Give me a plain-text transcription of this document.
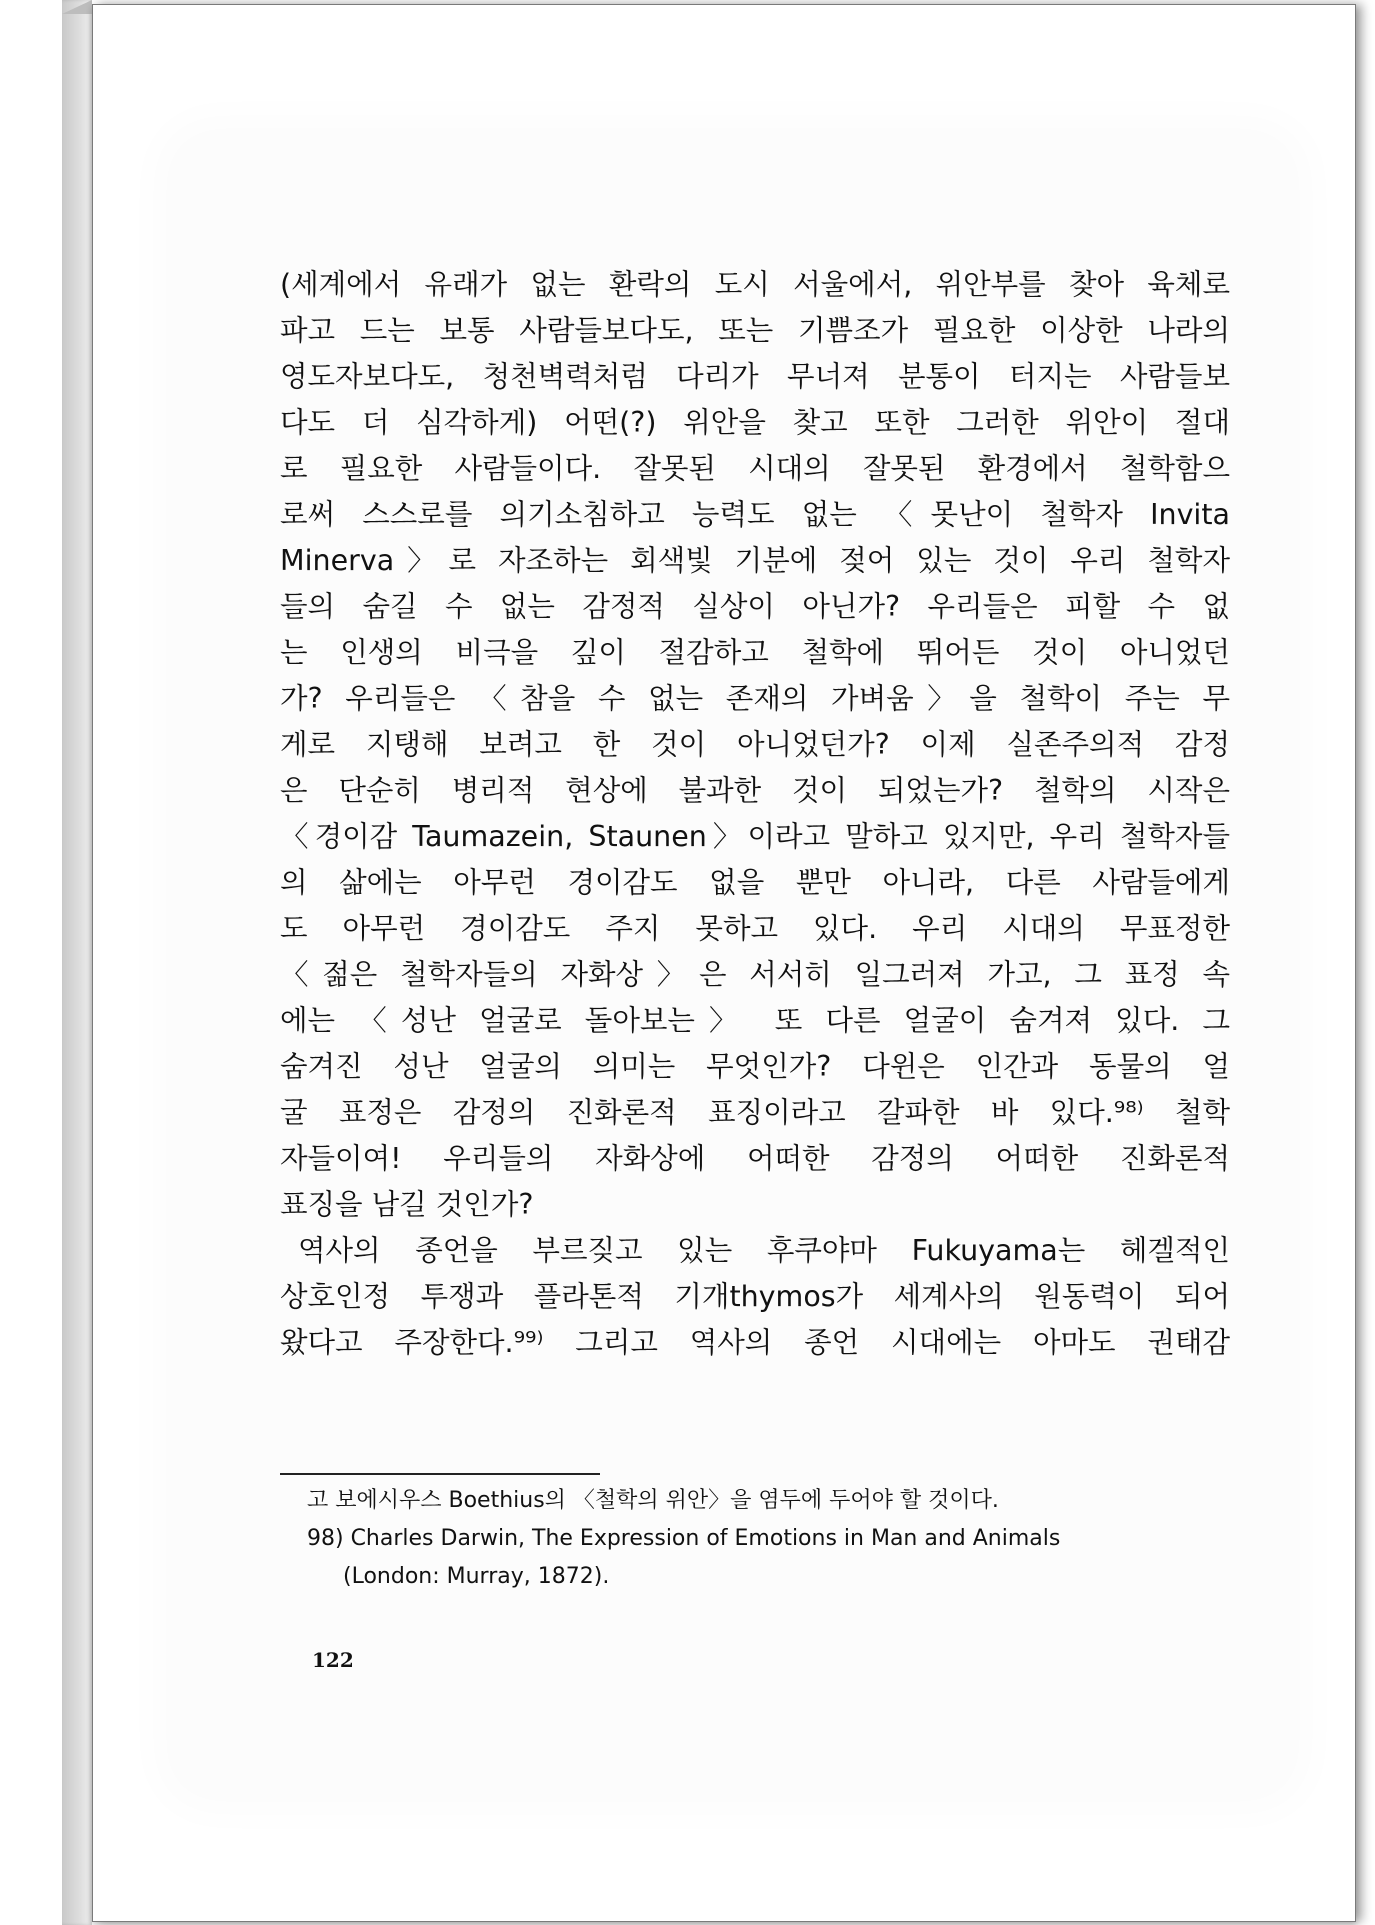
(세계에서 유래가 없는 환락의 도시 서울에서, 위안부를 찾아 육체로
파고 드는 보통 사람들보다도, 또는 기쁨조가 필요한 이상한 나라의
영도자보다도, 청천벽력처럼 다리가 무너져 분통이 터지는 사람들보
다도 더 심각하게) 어떤(?) 위안을 찾고 또한 그러한 위안이 절대
로 필요한 사람들이다. 잘못된 시대의 잘못된 환경에서 철학함으
로써 스스로를 의기소침하고 능력도 없는 〈못난이 철학자 Invita
Minerva〉로 자조하는 회색빛 기분에 젖어 있는 것이 우리 철학자
들의 숨길 수 없는 감정적 실상이 아닌가? 우리들은 피할 수 없
는 인생의 비극을 깊이 절감하고 철학에 뛰어든 것이 아니었던
가? 우리들은 〈참을 수 없는 존재의 가벼움〉을 철학이 주는 무
게로 지탱해 보려고 한 것이 아니었던가? 이제 실존주의적 감정
은 단순히 병리적 현상에 불과한 것이 되었는가? 철학의 시작은
〈경이감 Taumazein, Staunen〉이라고 말하고 있지만, 우리 철학자들
의 삶에는 아무런 경이감도 없을 뿐만 아니라, 다른 사람들에게
도 아무런 경이감도 주지 못하고 있다. 우리 시대의 무표정한
〈젊은 철학자들의 자화상〉은 서서히 일그러져 가고, 그 표정 속
에는 〈성난 얼굴로 돌아보는〉 또 다른 얼굴이 숨겨져 있다. 그
숨겨진 성난 얼굴의 의미는 무엇인가? 다윈은 인간과 동물의 얼
굴 표정은 감정의 진화론적 표징이라고 갈파한 바 있다.⁹⁸⁾ 철학
자들이여! 우리들의 자화상에 어떠한 감정의 어떠한 진화론적
표징을 남길 것인가?
역사의 종언을 부르짖고 있는 후쿠야마 Fukuyama는 헤겔적인
상호인정 투쟁과 플라톤적 기개thymos가 세계사의 원동력이 되어
왔다고 주장한다.⁹⁹⁾ 그리고 역사의 종언 시대에는 아마도 권태감
고 보에시우스 Boethius의 〈철학의 위안〉을 염두에 두어야 할 것이다.
98) Charles Darwin, The Expression of Emotions in Man and Animals
(London: Murray, 1872).
122
